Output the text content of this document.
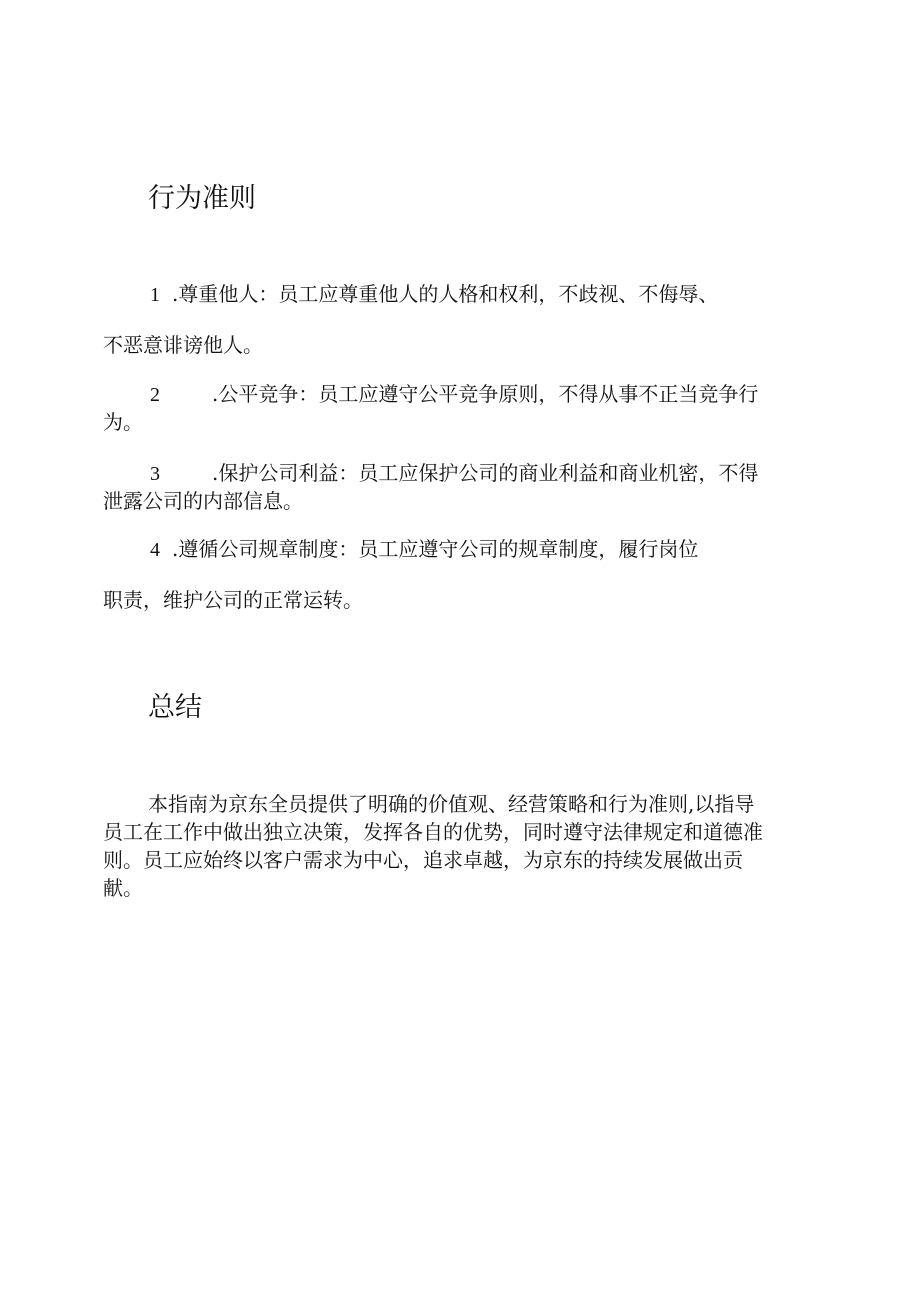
行为准则
1 .尊重他人：员工应尊重他人的人格和权利，不歧视、不侮辱、
不恶意诽谤他人。
2	.公平竞争：员工应遵守公平竞争原则，不得从事不正当竞争行
为。
3	.保护公司利益：员工应保护公司的商业利益和商业机密，不得
泄露公司的内部信息。
4 .遵循公司规章制度：员工应遵守公司的规章制度，履行岗位
职责，维护公司的正常运转。
总结
本指南为京东全员提供了明确的价值观、经营策略和行为准则,以指导
员工在工作中做出独立决策，发挥各自的优势，同时遵守法律规定和道德准
则。员工应始终以客户需求为中心，追求卓越，为京东的持续发展做出贡
献。
